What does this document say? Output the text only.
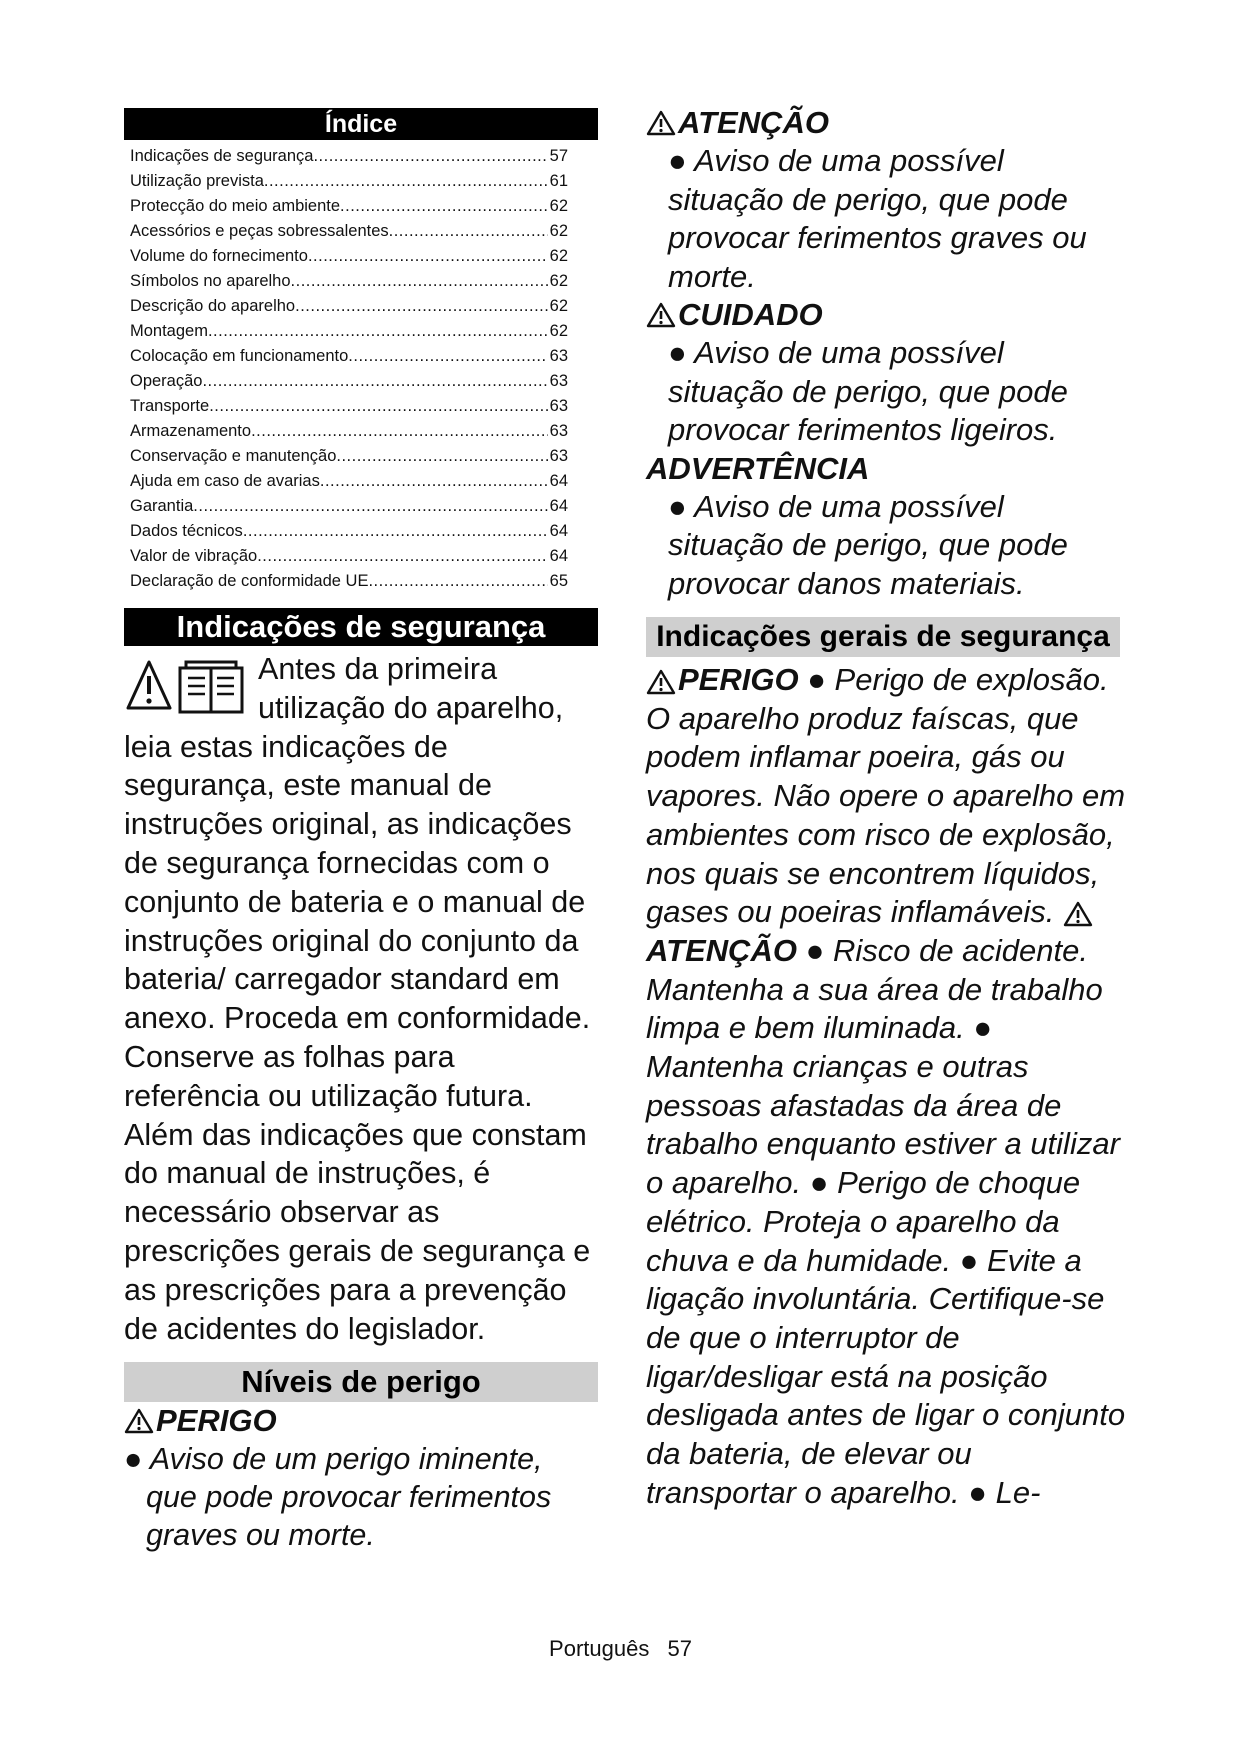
Índice
Indicações de segurança .....	57
Utilização prevista .....	61
Protecção do meio ambiente .....	62
Acessórios e peças sobressalentes .....	62
Volume do fornecimento .....	62
Símbolos no aparelho .....	62
Descrição do aparelho .....	62
Montagem .....	62
Colocação em funcionamento .....	63
Operação .....	63
Transporte .....	63
Armazenamento .....	63
Conservação e manutenção .....	63
Ajuda em caso de avarias .....	64
Garantia .....	64
Dados técnicos .....	64
Valor de vibração .....	64
Declaração de conformidade UE .....	65
Indicações de segurança

Antes da primeira utilização do aparelho, leia estas indicações de segurança, este manual de instruções original, as indicações de segurança fornecidas com o conjunto de bateria e o manual de instruções original do conjunto da bateria/ carregador standard em anexo. Proceda em conformidade. Conserve as folhas para referência ou utilização futura.

Além das indicações que constam do manual de instruções, é necessário observar as prescrições gerais de segurança e as prescrições para a prevenção de acidentes do legislador.

Níveis de perigo
PERIGO
● Aviso de um perigo iminente, que pode provocar ferimentos graves ou morte.
ATENÇÃO

● Aviso de uma possível situação de perigo, que pode provocar ferimentos graves ou morte.

CUIDADO

● Aviso de uma possível situação de perigo, que pode provocar ferimentos ligeiros.

ADVERTÊNCIA

● Aviso de uma possível situação de perigo, que pode provocar danos materiais.

Indicações gerais de segurança

PERIGO ● Perigo de explosão. O aparelho produz faíscas, que podem inflamar poeira, gás ou vapores. Não opere o aparelho em ambientes com risco de explosão, nos quais se encontrem líquidos, gases ou poeiras inflamáveis. ATENÇÃO ● Risco de acidente. Mantenha a sua área de trabalho limpa e bem iluminada. ● Mantenha crianças e outras pessoas afastadas da área de trabalho enquanto estiver a utilizar o aparelho. ● Perigo de choque elétrico. Proteja o aparelho da chuva e da humidade. ● Evite a ligação involuntária. Certifique-se de que o interruptor de ligar/desligar está na posição desligada antes de ligar o conjunto da bateria, de elevar ou transportar o aparelho. ● Le-

Português 57
